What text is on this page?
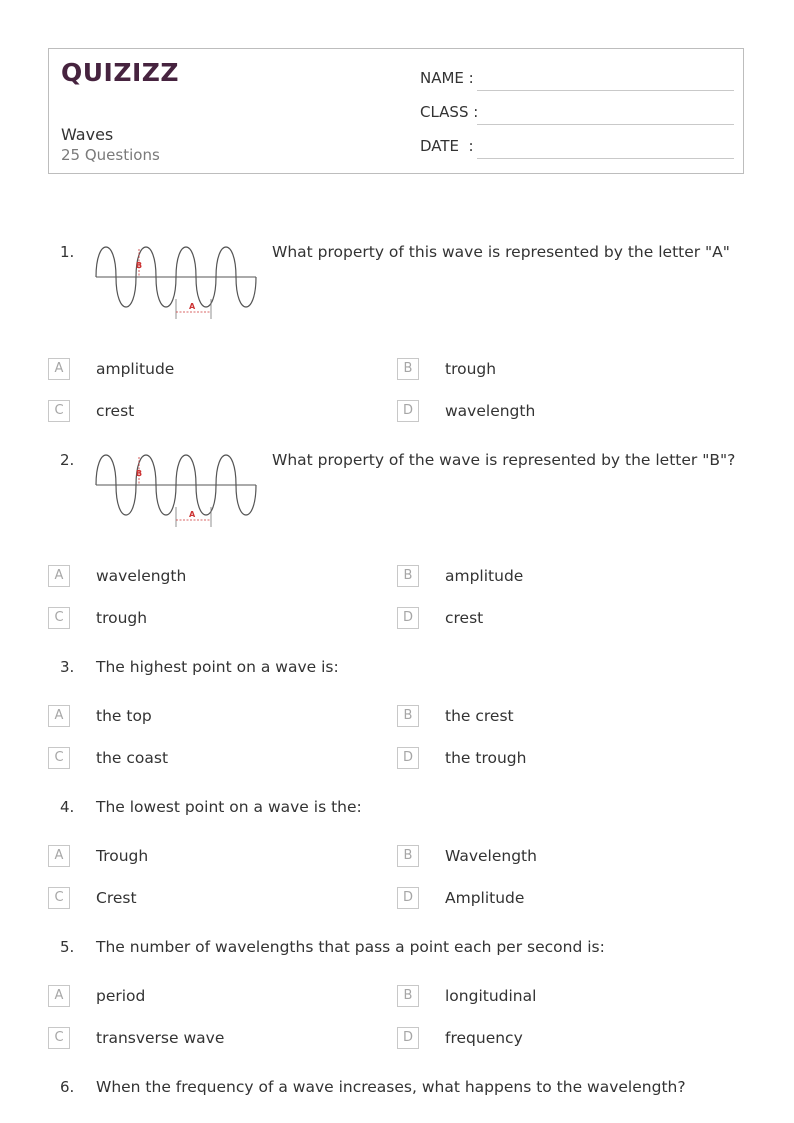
QUIZIZZ
Waves
25 Questions
NAME :
CLASS :
DATE  :
1.
B
A
What property of this wave is represented by the letter "A"
A	amplitude	B	trough
C	crest	D	wavelength
2.
B
A
What property of the wave is represented by the letter "B"?
A	wavelength	B	amplitude
C	trough	D	crest
3. The highest point on a wave is:
A	the top	B	the crest
C	the coast	D	the trough
4. The lowest point on a wave is the:
A	Trough	B	Wavelength
C	Crest	D	Amplitude
5. The number of wavelengths that pass a point each per second is:
A	period	B	longitudinal
C	transverse wave	D	frequency
6. When the frequency of a wave increases, what happens to the wavelength?
